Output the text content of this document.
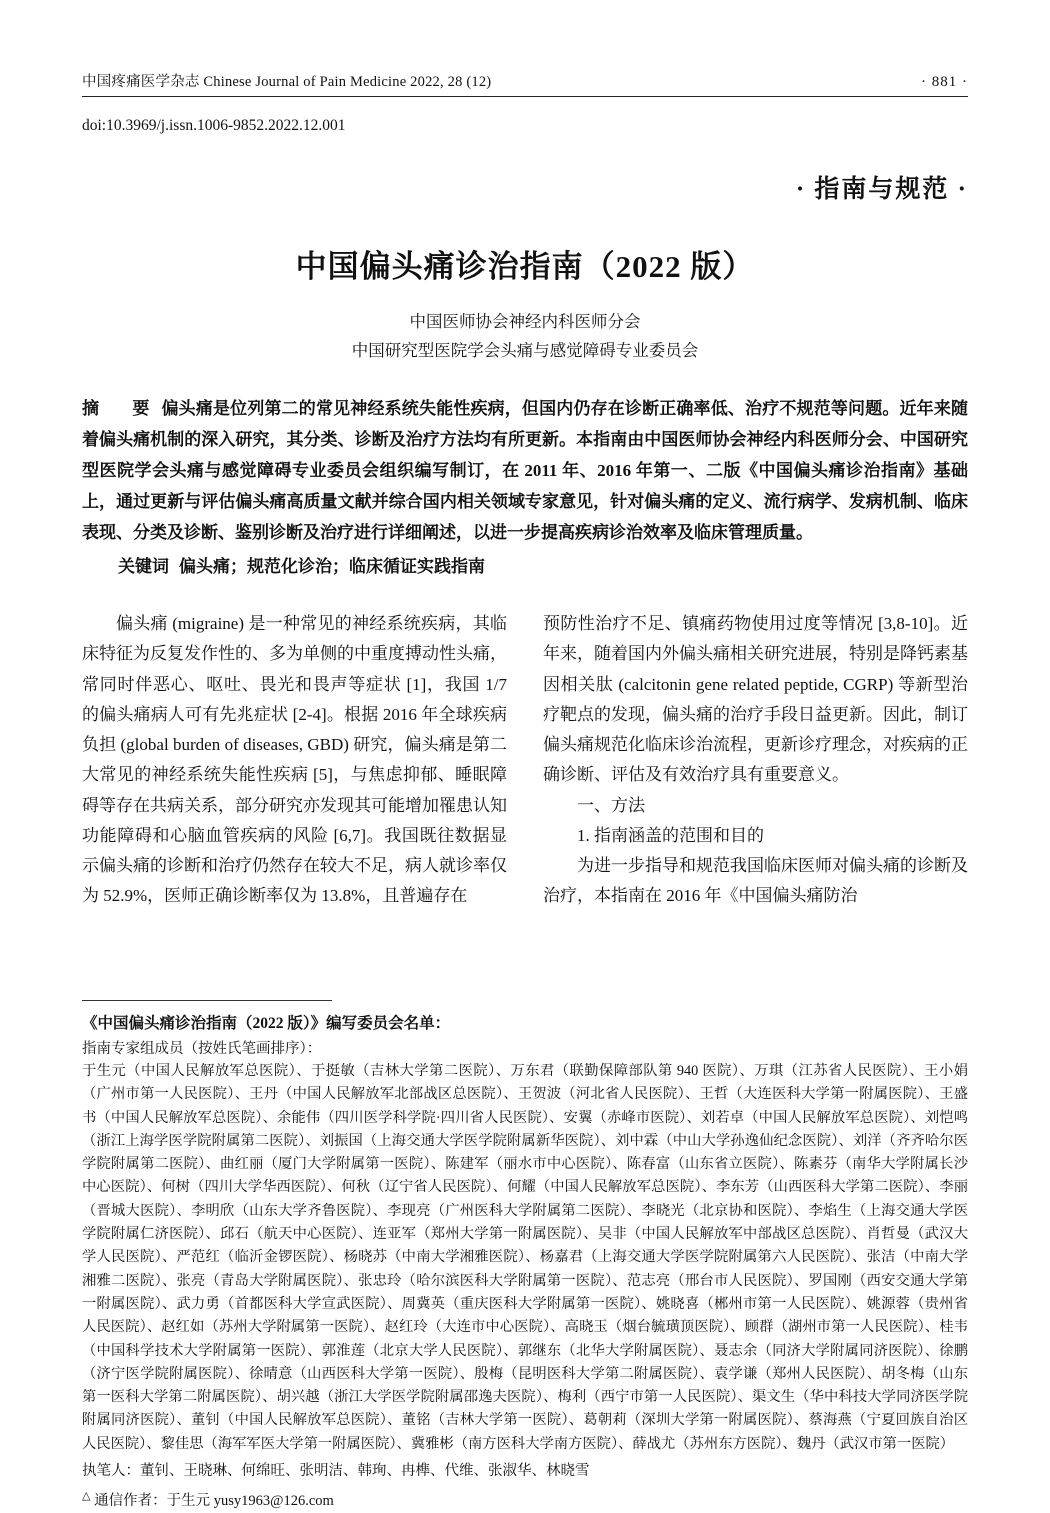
中国疼痛医学杂志 Chinese Journal of Pain Medicine 2022, 28 (12)	· 881 ·
doi:10.3969/j.issn.1006-9852.2022.12.001
· 指南与规范 ·
中国偏头痛诊治指南（2022 版）
中国医师协会神经内科医师分会
中国研究型医院学会头痛与感觉障碍专业委员会
摘　要 偏头痛是位列第二的常见神经系统失能性疾病，但国内仍存在诊断正确率低、治疗不规范等问题。近年来随着偏头痛机制的深入研究，其分类、诊断及治疗方法均有所更新。本指南由中国医师协会神经内科医师分会、中国研究型医院学会头痛与感觉障碍专业委员会组织编写制订，在 2011 年、2016 年第一、二版《中国偏头痛诊治指南》基础上，通过更新与评估偏头痛高质量文献并综合国内相关领域专家意见，针对偏头痛的定义、流行病学、发病机制、临床表现、分类及诊断、鉴别诊断及治疗进行详细阐述，以进一步提高疾病诊治效率及临床管理质量。
关键词 偏头痛；规范化诊治；临床循证实践指南

偏头痛 (migraine) 是一种常见的神经系统疾病，其临床特征为反复发作性的、多为单侧的中重度搏动性头痛，常同时伴恶心、呕吐、畏光和畏声等症状 [1]，我国 1/7 的偏头痛病人可有先兆症状 [2-4]。根据 2016 年全球疾病负担 (global burden of diseases, GBD) 研究，偏头痛是第二大常见的神经系统失能性疾病 [5]，与焦虑抑郁、睡眠障碍等存在共病关系，部分研究亦发现其可能增加罹患认知功能障碍和心脑血管疾病的风险 [6,7]。我国既往数据显示偏头痛的诊断和治疗仍然存在较大不足，病人就诊率仅为 52.9%，医师正确诊断率仅为 13.8%，且普遍存在

预防性治疗不足、镇痛药物使用过度等情况 [3,8-10]。近年来，随着国内外偏头痛相关研究进展，特别是降钙素基因相关肽 (calcitonin gene related peptide, CGRP) 等新型治疗靶点的发现，偏头痛的治疗手段日益更新。因此，制订偏头痛规范化临床诊治流程，更新诊疗理念，对疾病的正确诊断、评估及有效治疗具有重要意义。

一、方法

1. 指南涵盖的范围和目的

为进一步指导和规范我国临床医师对偏头痛的诊断及治疗，本指南在 2016 年《中国偏头痛防治

《中国偏头痛诊治指南（2022 版）》编写委员会名单：
指南专家组成员（按姓氏笔画排序）：
于生元（中国人民解放军总医院）、于挺敏（吉林大学第二医院）、万东君（联勤保障部队第 940 医院）、万琪（江苏省人民医院）、王小娟（广州市第一人民医院）、王丹（中国人民解放军北部战区总医院）、王贺波（河北省人民医院）、王哲（大连医科大学第一附属医院）、王盛书（中国人民解放军总医院）、余能伟（四川医学科学院·四川省人民医院）、安翼（赤峰市医院）、刘若卓（中国人民解放军总医院）、刘恺鸣（浙江上海学医学院附属第二医院）、刘振国（上海交通大学医学院附属新华医院）、刘中霖（中山大学孙逸仙纪念医院）、刘洋（齐齐哈尔医学院附属第二医院）、曲红丽（厦门大学附属第一医院）、陈建军（丽水市中心医院）、陈春富（山东省立医院）、陈素芬（南华大学附属长沙中心医院）、何树（四川大学华西医院）、何秋（辽宁省人民医院）、何耀（中国人民解放军总医院）、李东芳（山西医科大学第二医院）、李丽（晋城大医院）、李明欣（山东大学齐鲁医院）、李现亮（广州医科大学附属第二医院）、李晓光（北京协和医院）、李焰生（上海交通大学医学院附属仁济医院）、邱石（航天中心医院）、连亚军（郑州大学第一附属医院）、吴非（中国人民解放军中部战区总医院）、肖哲曼（武汉大学人民医院）、严范红（临沂金锣医院）、杨晓苏（中南大学湘雅医院）、杨嘉君（上海交通大学医学院附属第六人民医院）、张洁（中南大学湘雅二医院）、张亮（青岛大学附属医院）、张忠玲（哈尔滨医科大学附属第一医院）、范志亮（邢台市人民医院）、罗国刚（西安交通大学第一附属医院）、武力勇（首都医科大学宣武医院）、周冀英（重庆医科大学附属第一医院）、姚晓喜（郴州市第一人民医院）、姚源蓉（贵州省人民医院）、赵红如（苏州大学附属第一医院）、赵红玲（大连市中心医院）、高晓玉（烟台毓璜顶医院）、顾群（湖州市第一人民医院）、桂韦（中国科学技术大学附属第一医院）、郭淮莲（北京大学人民医院）、郭继东（北华大学附属医院）、聂志余（同济大学附属同济医院）、徐鹏（济宁医学院附属医院）、徐晴意（山西医科大学第一医院）、殷梅（昆明医科大学第二附属医院）、袁学谦（郑州人民医院）、胡冬梅（山东第一医科大学第二附属医院）、胡兴越（浙江大学医学院附属邵逸夫医院）、梅利（西宁市第一人民医院）、渠文生（华中科技大学同济医学院附属同济医院）、董钊（中国人民解放军总医院）、董铭（吉林大学第一医院）、葛朝莉（深圳大学第一附属医院）、蔡海燕（宁夏回族自治区人民医院）、黎佳思（海军军医大学第一附属医院）、冀雅彬（南方医科大学南方医院）、薛战尤（苏州东方医院）、魏丹（武汉市第一医院）
执笔人：董钊、王晓琳、何绵旺、张明洁、韩珣、冉榫、代维、张淑华、林晓雪
△ 通信作者：于生元 yusy1963@126.com
